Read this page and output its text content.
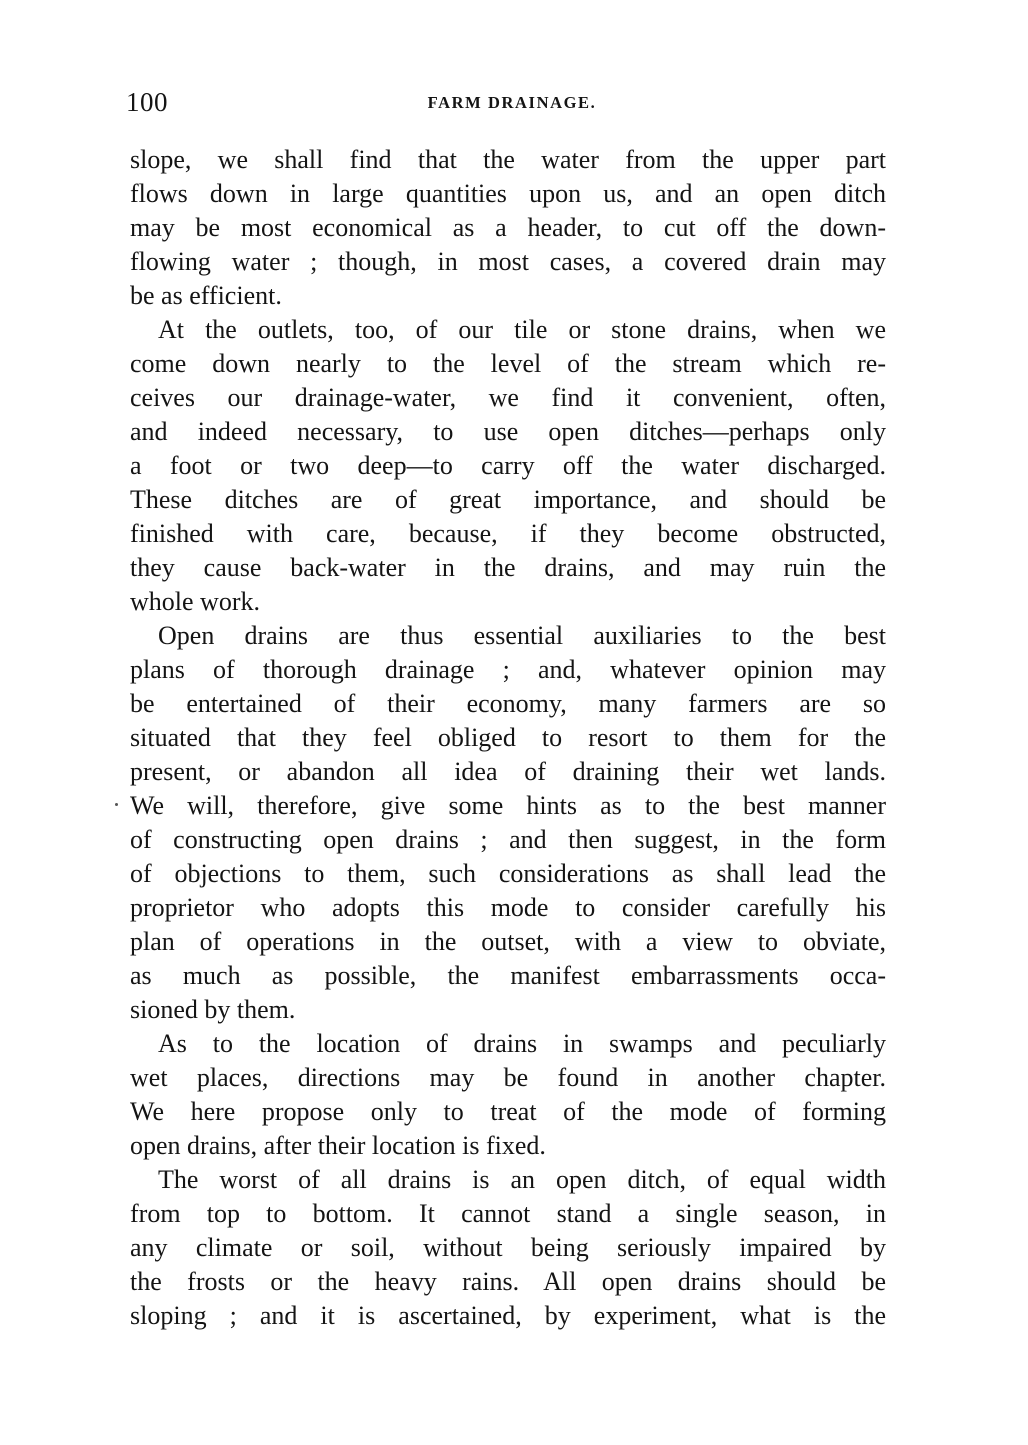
100	FARM DRAINAGE.
slope, we shall find that the water from the upper part
flows down in large quantities upon us, and an open ditch
may be most economical as a header, to cut off the down-
flowing water ; though, in most cases, a covered drain may
be as efficient.
At the outlets, too, of our tile or stone drains, when we
come down nearly to the level of the stream which re-
ceives our drainage-water, we find it convenient, often,
and indeed necessary, to use open ditches—perhaps only
a foot or two deep—to carry off the water discharged.
These ditches are of great importance, and should be
finished with care, because, if they become obstructed,
they cause back-water in the drains, and may ruin the
whole work.
Open drains are thus essential auxiliaries to the best
plans of thorough drainage ; and, whatever opinion may
be entertained of their economy, many farmers are so
situated that they feel obliged to resort to them for the
present, or abandon all idea of draining their wet lands.
We will, therefore, give some hints as to the best manner
of constructing open drains ; and then suggest, in the form
of objections to them, such considerations as shall lead the
proprietor who adopts this mode to consider carefully his
plan of operations in the outset, with a view to obviate,
as much as possible, the manifest embarrassments occa-
sioned by them.
As to the location of drains in swamps and peculiarly
wet places, directions may be found in another chapter.
We here propose only to treat of the mode of forming
open drains, after their location is fixed.
The worst of all drains is an open ditch, of equal width
from top to bottom. It cannot stand a single season, in
any climate or soil, without being seriously impaired by
the frosts or the heavy rains. All open drains should be
sloping ; and it is ascertained, by experiment, what is the
